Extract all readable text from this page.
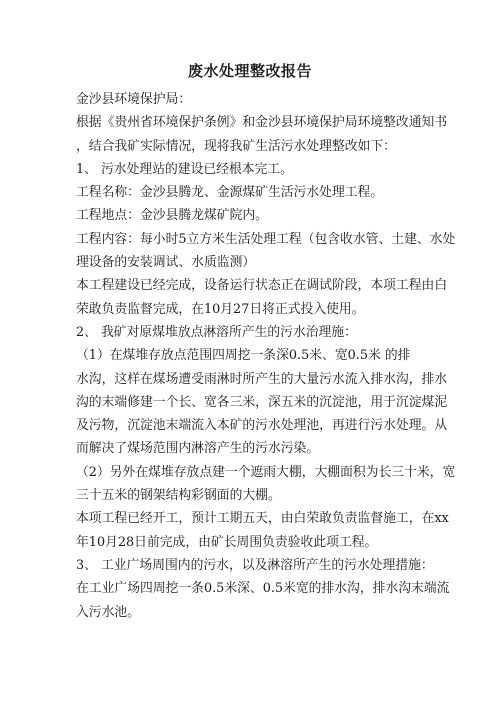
废水处理整改报告
金沙县环境保护局：
根据《贵州省环境保护条例》和金沙县环境保护局环境整改通知书
，结合我矿实际情况，现将我矿生活污水处理整改如下：
1、 污水处理站的建设已经根本完工。
工程名称：金沙县腾龙、金源煤矿生活污水处理工程。
工程地点：金沙县腾龙煤矿院内。
工程内容：每小时5立方米生活处理工程（包含收水管、土建、水处
理设备的安装调试、水质监测）
本工程建设已经完成，设备运行状态正在调试阶段，本项工程由白
荣敢负责监督完成，在10月27日将正式投入使用。
2、 我矿对原煤堆放点淋溶所产生的污水治理施：
（1）在煤堆存放点范围四周挖一条深0.5米、宽0.5米 的排
水沟，这样在煤场遭受雨淋时所产生的大量污水流入排水沟，排水
沟的末端修建一个长、宽各三米，深五米的沉淀池，用于沉淀煤泥
及污物，沉淀池末端流入本矿的污水处理池，再进行污水处理。从
而解决了煤场范围内淋溶产生的污水污染。
（2）另外在煤堆存放点建一个遮雨大棚，大棚面积为长三十米，宽
三十五米的钢架结构彩钢面的大棚。
本项工程已经开工，预计工期五天，由白荣敢负责监督施工，在xx
年10月28日前完成，由矿长周围负责验收此项工程。
3、 工业广场周围内的污水，以及淋溶所产生的污水处理措施：
在工业广场四周挖一条0.5米深、0.5米宽的排水沟，排水沟末端流
入污水池。
